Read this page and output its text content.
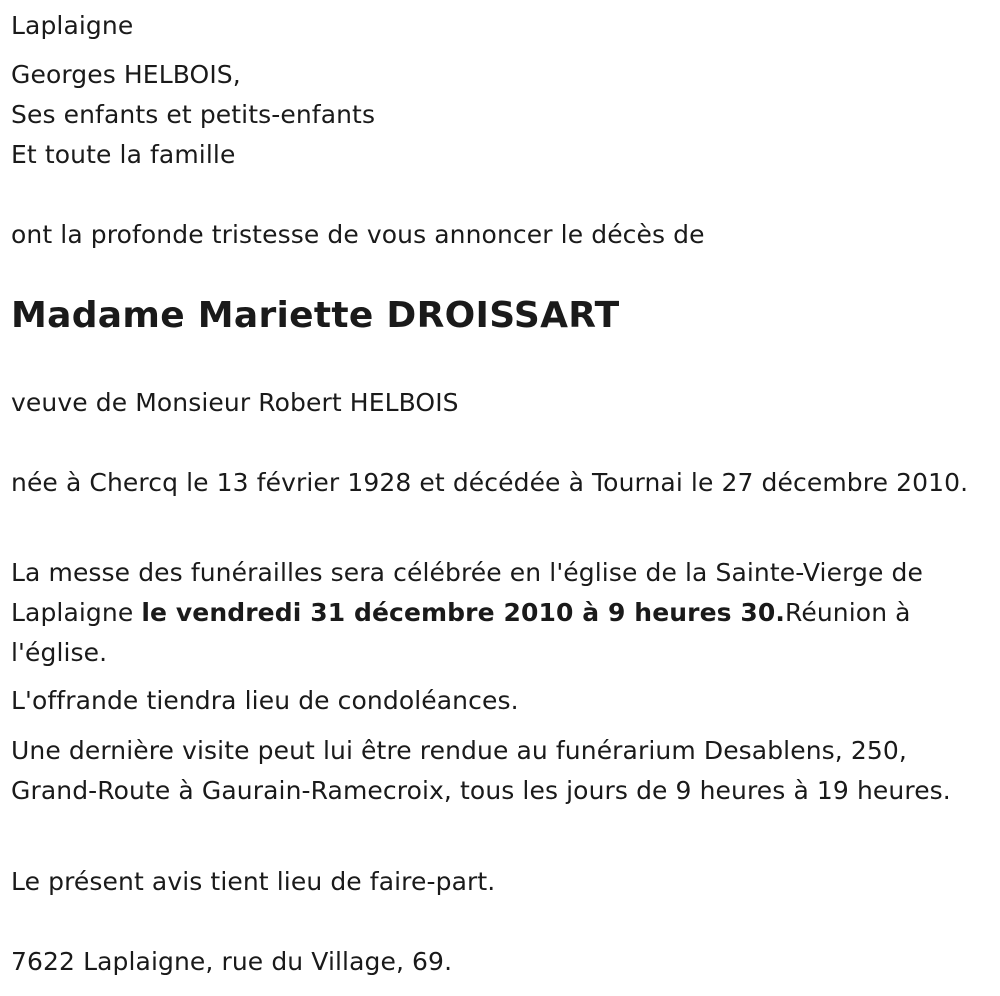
Laplaigne
Georges HELBOIS,
Ses enfants et petits-enfants
Et toute la famille
ont la profonde tristesse de vous annoncer le décès de
Madame Mariette DROISSART
veuve de Monsieur Robert HELBOIS
née à Chercq le 13 février 1928 et décédée à Tournai le 27 décembre 2010.
La messe des funérailles sera célébrée en l'église de la Sainte-Vierge de Laplaigne le vendredi 31 décembre 2010 à 9 heures 30.Réunion à l'église.
L'offrande tiendra lieu de condoléances.
Une dernière visite peut lui être rendue au funérarium Desablens, 250, Grand-Route à Gaurain-Ramecroix, tous les jours de 9 heures à 19 heures.
Le présent avis tient lieu de faire-part.
7622 Laplaigne, rue du Village, 69.
